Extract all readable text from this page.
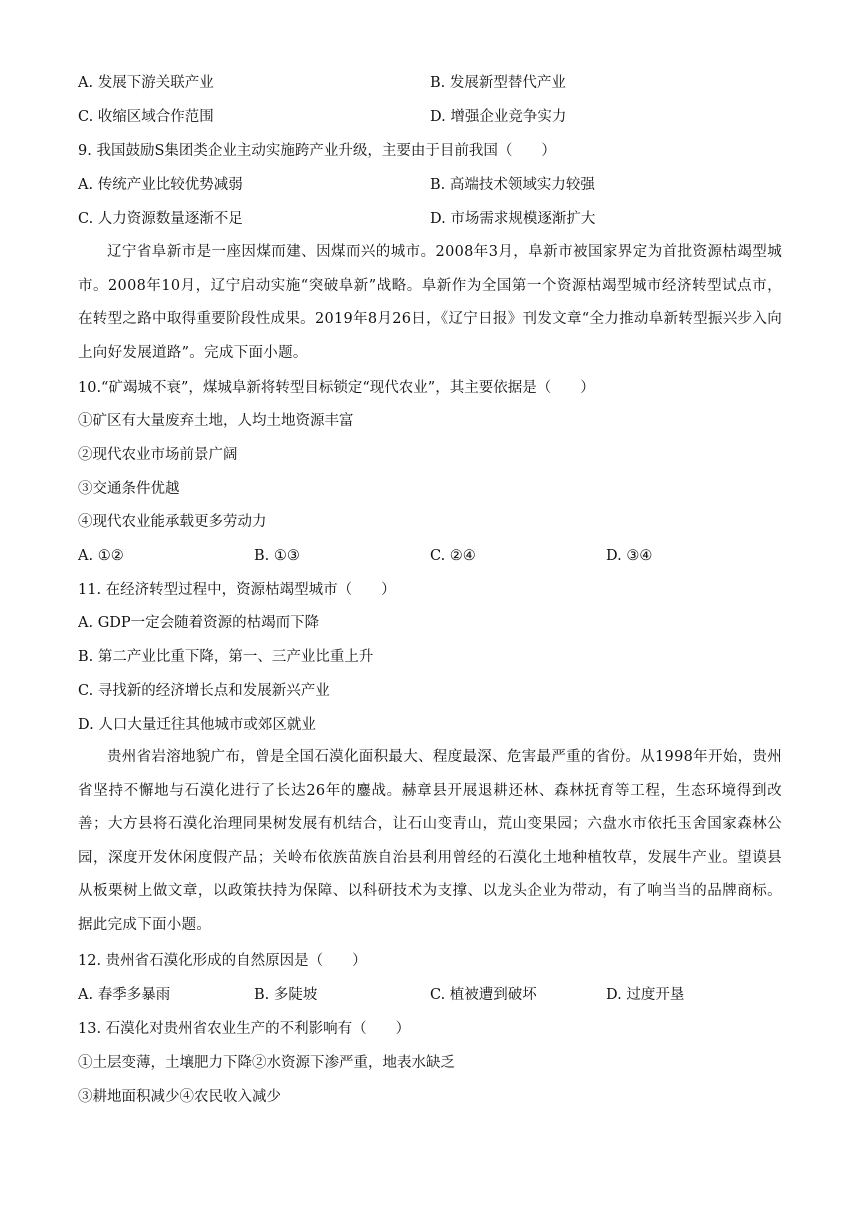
A. 发展下游关联产业	B. 发展新型替代产业
C. 收缩区域合作范围	D. 增强企业竞争实力
9. 我国鼓励S集团类企业主动实施跨产业升级，主要由于目前我国（　　）
A. 传统产业比较优势减弱	B. 高端技术领域实力较强
C. 人力资源数量逐渐不足	D. 市场需求规模逐渐扩大
辽宁省阜新市是一座因煤而建、因煤而兴的城市。2008年3月，阜新市被国家界定为首批资源枯竭型城市。2008年10月，辽宁启动实施“突破阜新”战略。阜新作为全国第一个资源枯竭型城市经济转型试点市，在转型之路中取得重要阶段性成果。2019年8月26日，《辽宁日报》刊发文章“全力推动阜新转型振兴步入向上向好发展道路”。完成下面小题。
10.“矿竭城不衰”，煤城阜新将转型目标锁定“现代农业”，其主要依据是（　　）
①矿区有大量废弃土地，人均土地资源丰富
②现代农业市场前景广阔
③交通条件优越
④现代农业能承载更多劳动力
A. ①②	B. ①③	C. ②④	D. ③④
11. 在经济转型过程中，资源枯竭型城市（　　）
A. GDP一定会随着资源的枯竭而下降
B. 第二产业比重下降，第一、三产业比重上升
C. 寻找新的经济增长点和发展新兴产业
D. 人口大量迁往其他城市或郊区就业
贵州省岩溶地貌广布，曾是全国石漠化面积最大、程度最深、危害最严重的省份。从1998年开始，贵州省坚持不懈地与石漠化进行了长达26年的鏖战。赫章县开展退耕还林、森林抚育等工程，生态环境得到改善；大方县将石漠化治理同果树发展有机结合，让石山变青山，荒山变果园；六盘水市依托玉舍国家森林公园，深度开发休闲度假产品；关岭布依族苗族自治县利用曾经的石漠化土地种植牧草，发展牛产业。望谟县从板栗树上做文章，以政策扶持为保障、以科研技术为支撑、以龙头企业为带动，有了响当当的品牌商标。据此完成下面小题。
12. 贵州省石漠化形成的自然原因是（　　）
A. 春季多暴雨	B. 多陡坡	C. 植被遭到破坏	D. 过度开垦
13. 石漠化对贵州省农业生产的不利影响有（　　）
①土层变薄，土壤肥力下降②水资源下渗严重，地表水缺乏
③耕地面积减少④农民收入减少
